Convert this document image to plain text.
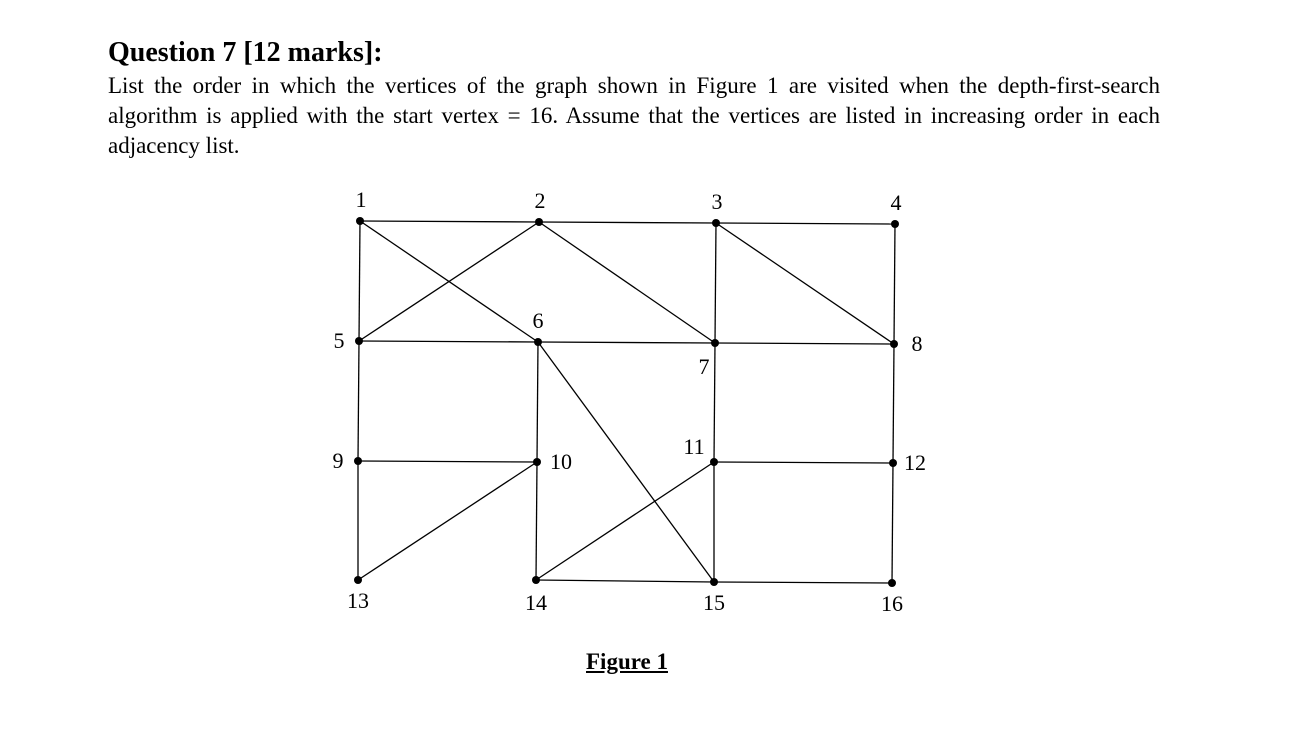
Question 7 [12 marks]:

List the order in which the vertices of the graph shown in Figure 1 are visited when the depth-first-search algorithm is applied with the start vertex = 16. Assume that the vertices are listed in increasing order in each adjacency list.

1	2	3	4
5
6
7
8
9	10
11
12
13	14	15	16

Figure 1
